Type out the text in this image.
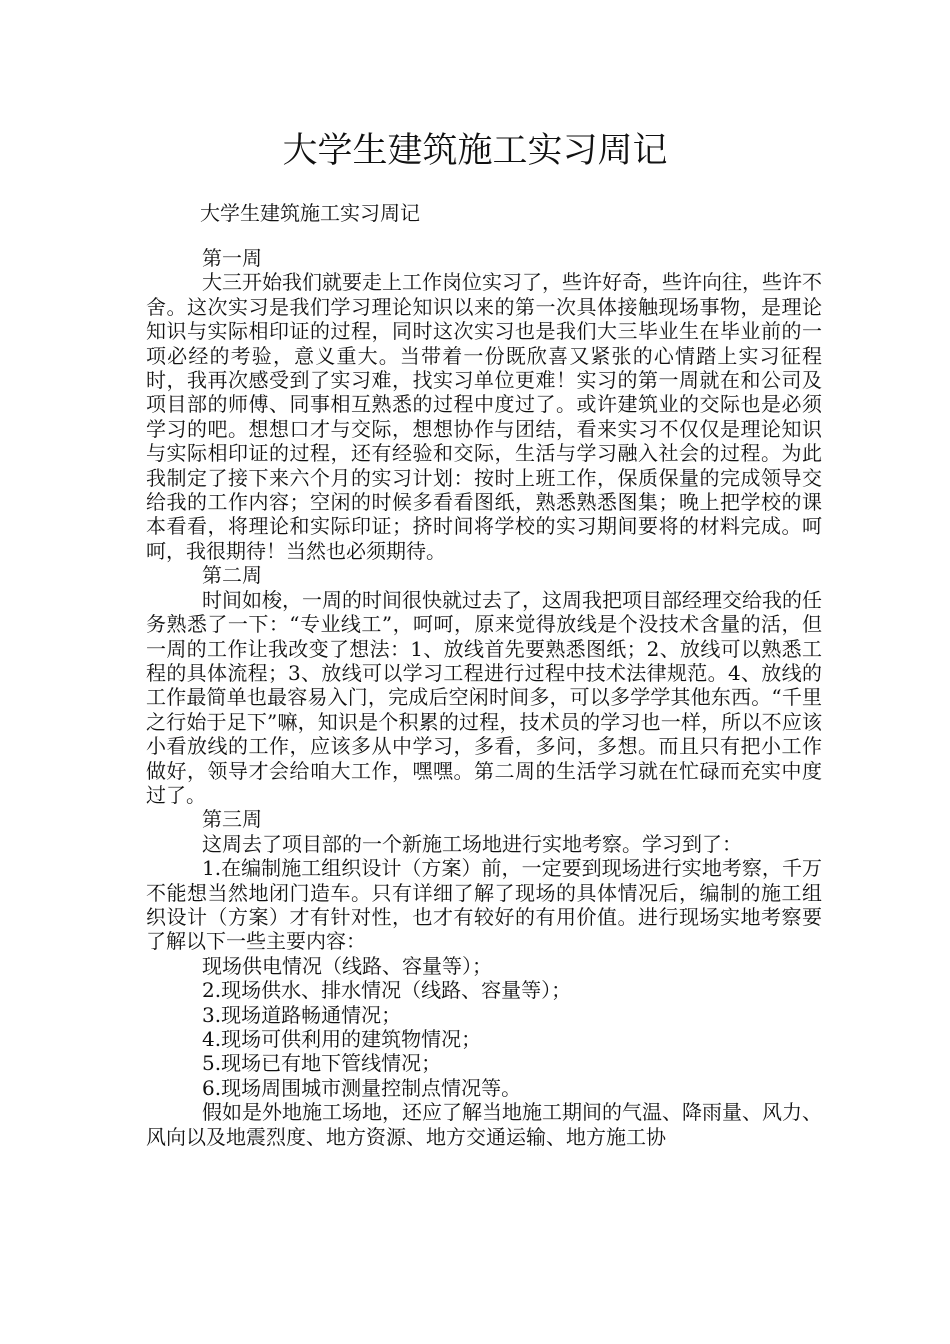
大学生建筑施工实习周记
大学生建筑施工实习周记

第一周

大三开始我们就要走上工作岗位实习了，些许好奇，些许向往，些许不舍。这次实习是我们学习理论知识以来的第一次具体接触现场事物，是理论知识与实际相印证的过程，同时这次实习也是我们大三毕业生在毕业前的一项必经的考验，意义重大。当带着一份既欣喜又紧张的心情踏上实习征程时，我再次感受到了实习难，找实习单位更难！实习的第一周就在和公司及项目部的师傅、同事相互熟悉的过程中度过了。或许建筑业的交际也是必须学习的吧。想想口才与交际，想想协作与团结，看来实习不仅仅是理论知识与实际相印证的过程，还有经验和交际，生活与学习融入社会的过程。为此我制定了接下来六个月的实习计划：按时上班工作，保质保量的完成领导交给我的工作内容；空闲的时候多看看图纸，熟悉熟悉图集；晚上把学校的课本看看，将理论和实际印证；挤时间将学校的实习期间要将的材料完成。呵呵，我很期待！当然也必须期待。

第二周

时间如梭，一周的时间很快就过去了，这周我把项目部经理交给我的任务熟悉了一下：“专业线工”，呵呵，原来觉得放线是个没技术含量的活，但一周的工作让我改变了想法：1、放线首先要熟悉图纸；2、放线可以熟悉工程的具体流程；3、放线可以学习工程进行过程中技术法律规范。4、放线的工作最简单也最容易入门，完成后空闲时间多，可以多学学其他东西。“千里之行始于足下”嘛，知识是个积累的过程，技术员的学习也一样，所以不应该小看放线的工作，应该多从中学习，多看，多问，多想。而且只有把小工作做好，领导才会给咱大工作，嘿嘿。第二周的生活学习就在忙碌而充实中度过了。

第三周

这周去了项目部的一个新施工场地进行实地考察。学习到了：

1.在编制施工组织设计（方案）前，一定要到现场进行实地考察，千万不能想当然地闭门造车。只有详细了解了现场的具体情况后，编制的施工组织设计（方案）才有针对性，也才有较好的有用价值。进行现场实地考察要了解以下一些主要内容：

现场供电情况（线路、容量等）；

2.现场供水、排水情况（线路、容量等）；

3.现场道路畅通情况；

4.现场可供利用的建筑物情况；

5.现场已有地下管线情况；

6.现场周围城市测量控制点情况等。

假如是外地施工场地，还应了解当地施工期间的气温、降雨量、风力、风向以及地震烈度、地方资源、地方交通运输、地方施工协
